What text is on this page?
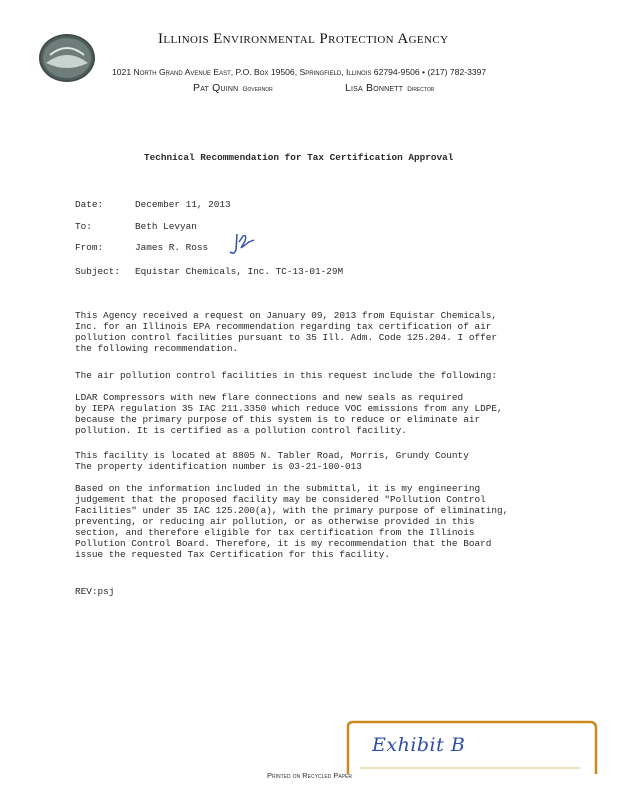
Illinois Environmental Protection Agency
1021 North Grand Avenue East, P.O. Box 19506, Springfield, Illinois 62794-9506 • (217) 782-3397
Pat Quinn Governor	Lisa Bonnett Director
Technical Recommendation for Tax Certification Approval
Date:	December 11, 2013
To:	Beth Levyan
From:	James R. Ross
Subject: Equistar Chemicals, Inc. TC-13-01-29M
This Agency received a request on January 09, 2013 from Equistar Chemicals,
Inc. for an Illinois EPA recommendation regarding tax certification of air
pollution control facilities pursuant to 35 Ill. Adm. Code 125.204. I offer
the following recommendation.
The air pollution control facilities in this request include the following:
LDAR Compressors with new flare connections and new seals as required
by IEPA regulation 35 IAC 211.3350 which reduce VOC emissions from any LDPE,
because the primary purpose of this system is to reduce or eliminate air
pollution. It is certified as a pollution control facility.
This facility is located at 8805 N. Tabler Road, Morris, Grundy County
The property identification number is 03-21-100-013
Based on the information included in the submittal, it is my engineering
judgement that the proposed facility may be considered "Pollution Control
Facilities" under 35 IAC 125.200(a), with the primary purpose of eliminating,
preventing, or reducing air pollution, or as otherwise provided in this
section, and therefore eligible for tax certification from the Illinois
Pollution Control Board. Therefore, it is my recommendation that the Board
issue the requested Tax Certification for this facility.
REV:psj
Exhibit B
Printed on Recycled Paper
